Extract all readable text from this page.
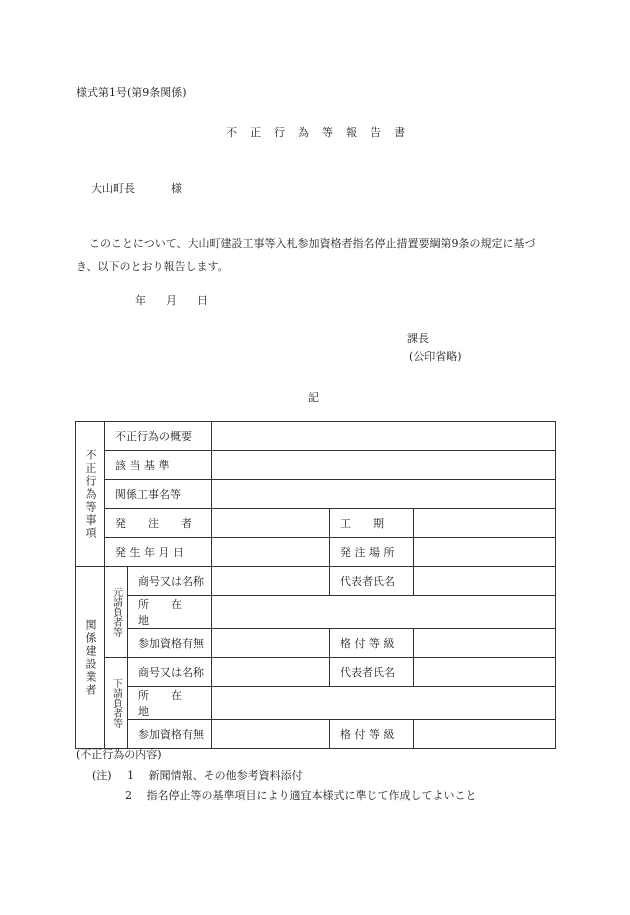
様式第1号(第9条関係)
不 正 行 為 等 報 告 書
大山町長	様
このことについて、大山町建設工事等入札参加資格者指名停止措置要綱第9条の規定に基づき、以下のとおり報告します。
年 月 日
課長
(公印省略)
記
不正行為等事項	不正行為の概要				
	該 当 基 準				
	関係工事名等				
	発　　注　　者			工　　期	
	発 生 年 月 日			発 注 場 所	
関係建設業者	元請負者等	商号又は名称		代表者氏名	
		所　　在　　地			
		参加資格有無		格 付 等 級	
	下請負者等	商号又は名称		代表者氏名	
		所　　在　　地			
		参加資格有無		格 付 等 級	
(不正行為の内容)
(注) 1 新聞情報、その他参考資料添付
2 指名停止等の基準項目により適宜本様式に準じて作成してよいこと
